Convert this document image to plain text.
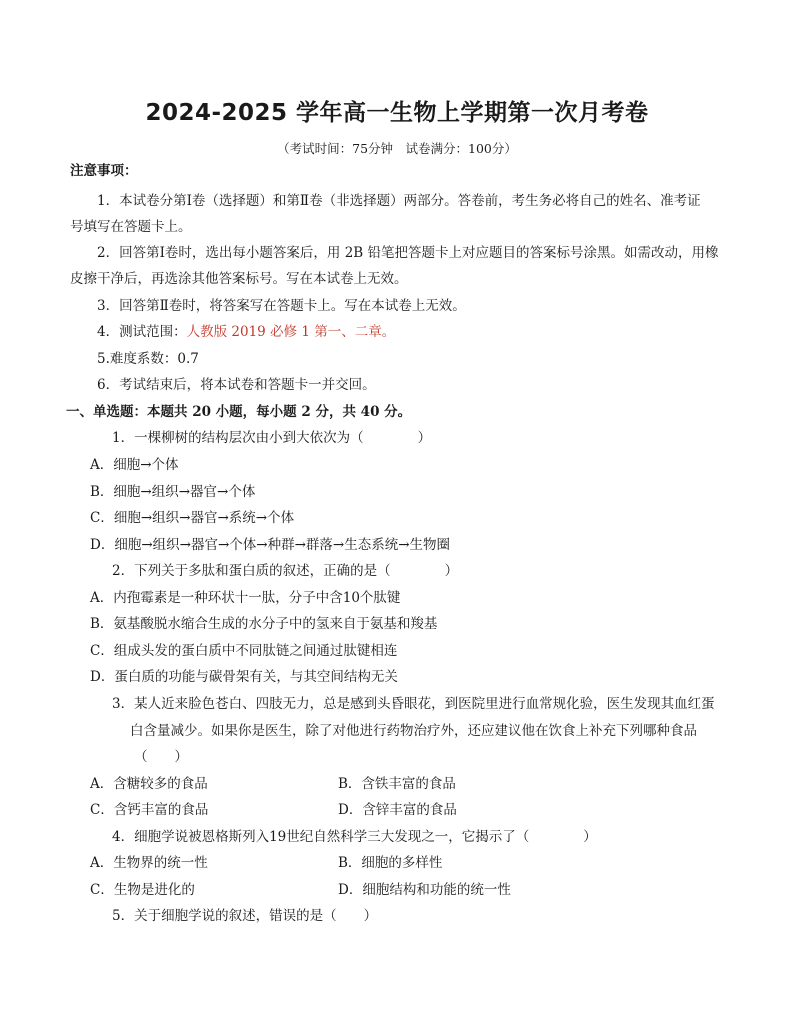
2024-2025 学年高一生物上学期第一次月考卷
（考试时间：75分钟　试卷满分：100分）
注意事项：
1．本试卷分第Ⅰ卷（选择题）和第Ⅱ卷（非选择题）两部分。答卷前，考生务必将自己的姓名、准考证
号填写在答题卡上。
2．回答第Ⅰ卷时，选出每小题答案后，用 2B 铅笔把答题卡上对应题目的答案标号涂黑。如需改动，用橡
皮擦干净后，再选涂其他答案标号。写在本试卷上无效。
3．回答第Ⅱ卷时，将答案写在答题卡上。写在本试卷上无效。
4．测试范围：人教版 2019 必修 1 第一、二章。
5.难度系数：0.7
6．考试结束后，将本试卷和答题卡一并交回。
一、单选题：本题共 20 小题，每小题 2 分，共 40 分。
1．一棵柳树的结构层次由小到大依次为（　　　　）
A．细胞→个体
B．细胞→组织→器官→个体
C．细胞→组织→器官→系统→个体
D．细胞→组织→器官→个体→种群→群落→生态系统→生物圈
2．下列关于多肽和蛋白质的叙述，正确的是（　　　　）
A．内孢霉素是一种环状十一肽，分子中含10个肽键
B．氨基酸脱水缩合生成的水分子中的氢来自于氨基和羧基
C．组成头发的蛋白质中不同肽链之间通过肽键相连
D．蛋白质的功能与碳骨架有关，与其空间结构无关
3．某人近来脸色苍白、四肢无力，总是感到头昏眼花，到医院里进行血常规化验，医生发现其血红蛋
白含量减少。如果你是医生，除了对他进行药物治疗外，还应建议他在饮食上补充下列哪种食品
（　　）
A．含糖较多的食品	B．含铁丰富的食品
C．含钙丰富的食品	D．含锌丰富的食品
4．细胞学说被恩格斯列入19世纪自然科学三大发现之一，它揭示了（　　　　）
A．生物界的统一性	B．细胞的多样性
C．生物是进化的	D．细胞结构和功能的统一性
5．关于细胞学说的叙述，错误的是（　　）
